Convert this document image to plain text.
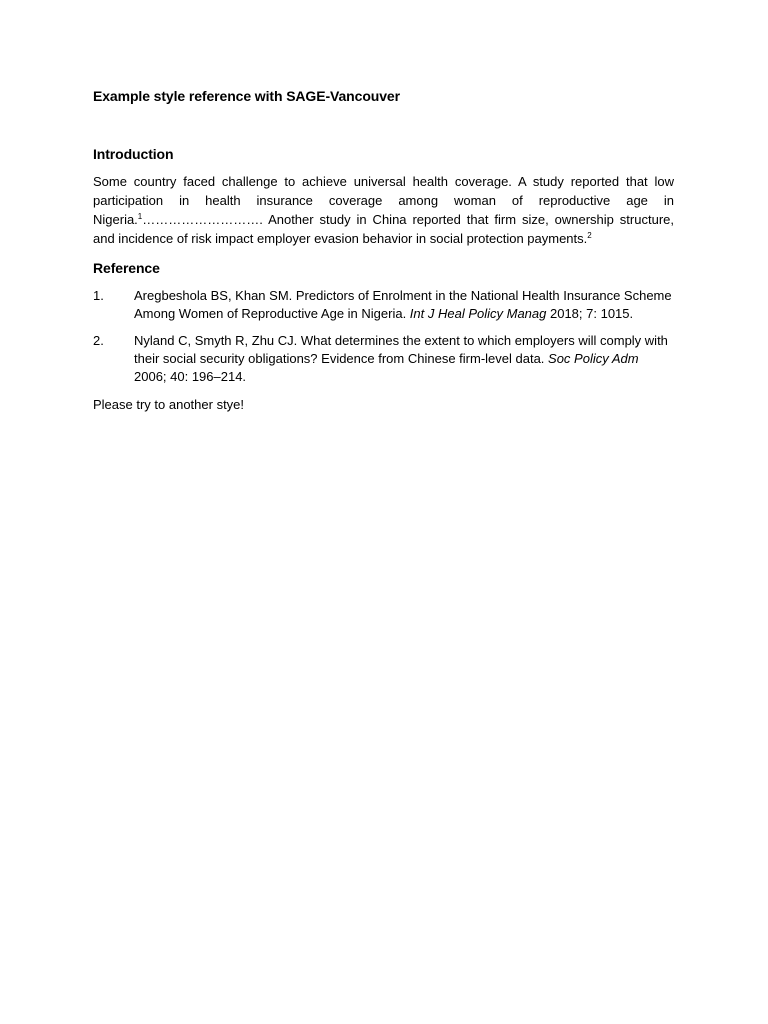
Example style reference with SAGE-Vancouver

Introduction

Some country faced challenge to achieve universal health coverage. A study reported that low participation in health insurance coverage among woman of reproductive age in Nigeria.$^1$………………………. Another study in China reported that firm size, ownership structure, and incidence of risk impact employer evasion behavior in social protection payments.$^2$

Reference

1.	Aregbeshola BS, Khan SM. Predictors of Enrolment in the National Health Insurance Scheme Among Women of Reproductive Age in Nigeria. Int J Heal Policy Manag 2018; 7: 1015.
2.	Nyland C, Smyth R, Zhu CJ. What determines the extent to which employers will comply with their social security obligations? Evidence from Chinese firm-level data. Soc Policy Adm 2006; 40: 196–214.

Please try to another stye!
